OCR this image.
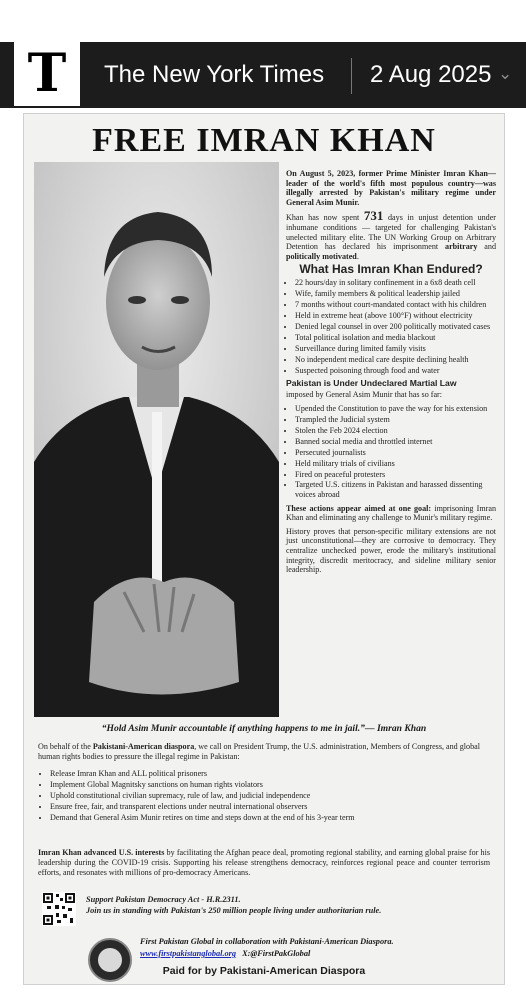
T The New York Times 2 Aug 2025 ⌄
FREE IMRAN KHAN

On August 5, 2023, former Prime Minister Imran Khan—leader of the world's fifth most populous country—was illegally arrested by Pakistan's military regime under General Asim Munir.

Khan has now spent 731 days in unjust detention under inhumane conditions — targeted for challenging Pakistan's unelected military elite. The UN Working Group on Arbitrary Detention has declared his imprisonment arbitrary and politically motivated.

What Has Imran Khan Endured?
• 22 hours/day in solitary confinement in a 6x8 death cell
• Wife, family members & political leadership jailed
• 7 months without court-mandated contact with his children
• Held in extreme heat (above 100°F) without electricity
• Denied legal counsel in over 200 politically motivated cases
• Total political isolation and media blackout
• Surveillance during limited family visits
• No independent medical care despite declining health
• Suspected poisoning through food and water
Pakistan is Under Undeclared Martial Law

imposed by General Asim Munir that has so far:

• Upended the Constitution to pave the way for his extension
• Trampled the Judicial system
• Stolen the Feb 2024 election
• Banned social media and throttled internet
• Persecuted journalists
• Held military trials of civilians
• Fired on peaceful protesters
• Targeted U.S. citizens in Pakistan and harassed dissenting voices abroad

These actions appear aimed at one goal: imprisoning Imran Khan and eliminating any challenge to Munir's military regime.

History proves that person-specific military extensions are not just unconstitutional—they are corrosive to democracy. They centralize unchecked power, erode the military's institutional integrity, discredit meritocracy, and sideline military senior leadership.

“Hold Asim Munir accountable if anything happens to me in jail.”— Imran Khan
On behalf of the Pakistani-American diaspora, we call on President Trump, the U.S. administration, Members of Congress, and global human rights bodies to pressure the illegal regime in Pakistan:
• Release Imran Khan and ALL political prisoners
• Implement Global Magnitsky sanctions on human rights violators
• Uphold constitutional civilian supremacy, rule of law, and judicial independence
• Ensure free, fair, and transparent elections under neutral international observers
• Demand that General Asim Munir retires on time and steps down at the end of his 3-year term
Imran Khan advanced U.S. interests by facilitating the Afghan peace deal, promoting regional stability, and earning global praise for his leadership during the COVID-19 crisis. Supporting his release strengthens democracy, reinforces regional peace and counter terrorism efforts, and resonates with millions of pro-democracy Americans.
Support Pakistan Democracy Act - H.R.2311.
Join us in standing with Pakistan's 250 million people living under authoritarian rule.
First Pakistan Global in collaboration with Pakistani-American Diaspora.
www.firstpakistanglobal.org X:@FirstPakGlobal
Paid for by Pakistani-American Diaspora
